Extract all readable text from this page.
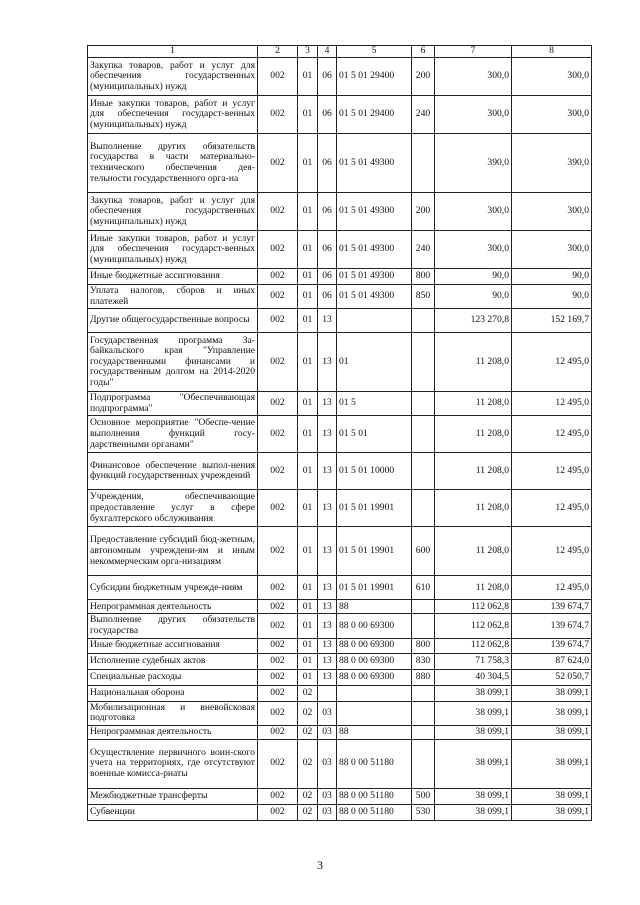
1	2	3	4	5	6	7	8
Закупка товаров, работ и услуг для обеспечения государственных (муниципальных) нужд	002	01	06	01 5 01 29400	200	300,0	300,0
Иные закупки товаров, работ и услуг для обеспечения государст-венных (муниципальных) нужд	002	01	06	01 5 01 29400	240	300,0	300,0
Выполнение других обязательств государства в части материально-технического обеспечения дея-тельности государственного орга-на	002	01	06	01 5 01 49300		390,0	390,0
Закупка товаров, работ и услуг для обеспечения государственных (муниципальных) нужд	002	01	06	01 5 01 49300	200	300,0	300,0
Иные закупки товаров, работ и услуг для обеспечения государст-венных (муниципальных) нужд	002	01	06	01 5 01 49300	240	300,0	300,0
Иные бюджетные ассигнования	002	01	06	01 5 01 49300	800	90,0	90,0
Уплата налогов, сборов и иных платежей	002	01	06	01 5 01 49300	850	90,0	90,0
Другие общегосударственные вопросы	002	01	13			123 270,8	152 169,7
Государственная программа За-байкальского края "Управление государственными финансами и государственным долгом на 2014-2020 годы"	002	01	13	01		11 208,0	12 495,0
Подпрограмма "Обеспечивающая подпрограмма"	002	01	13	01 5		11 208,0	12 495,0
Основное мероприятие "Обеспе-чение выполнения функций госу-дарственными органами"	002	01	13	01 5 01		11 208,0	12 495,0
Финансовое обеспечение выпол-нения функций государственных учреждений	002	01	13	01 5 01 10000		11 208,0	12 495,0
Учреждения, обеспечивающие предоставление услуг в сфере бухгалтерского обслуживания	002	01	13	01 5 01 19901		11 208,0	12 495,0
Предоставление субсидий бюд-жетным, автономным учреждени-ям и иным некоммерческим орга-низациям	002	01	13	01 5 01 19901	600	11 208,0	12 495,0
Субсидии бюджетным учрежде-ниям	002	01	13	01 5 01 19901	610	11 208,0	12 495,0
Непрограммная деятельность	002	01	13	88		112 062,8	139 674,7
Выполнение других обязательств государства	002	01	13	88 0 00 69300		112 062,8	139 674,7
Иные бюджетные ассигнования	002	01	13	88 0 00 69300	800	112 062,8	139 674,7
Исполнение судебных актов	002	01	13	88 0 00 69300	830	71 758,3	87 624,0
Специальные расходы	002	01	13	88 0 00 69300	880	40 304,5	52 050,7
Национальная оборона	002	02				38 099,1	38 099,1
Мобилизационная и вневойсковая подготовка	002	02	03			38 099,1	38 099,1
Непрограммная деятельность	002	02	03	88		38 099,1	38 099,1
Осуществление первичного воин-ского учета на территориях, где отсутствуют военные комисса-риаты	002	02	03	88 0 00 51180		38 099,1	38 099,1
Межбюджетные трансферты	002	02	03	88 0 00 51180	500	38 099,1	38 099,1
Субвенции	002	02	03	88 0 00 51180	530	38 099,1	38 099,1
3
